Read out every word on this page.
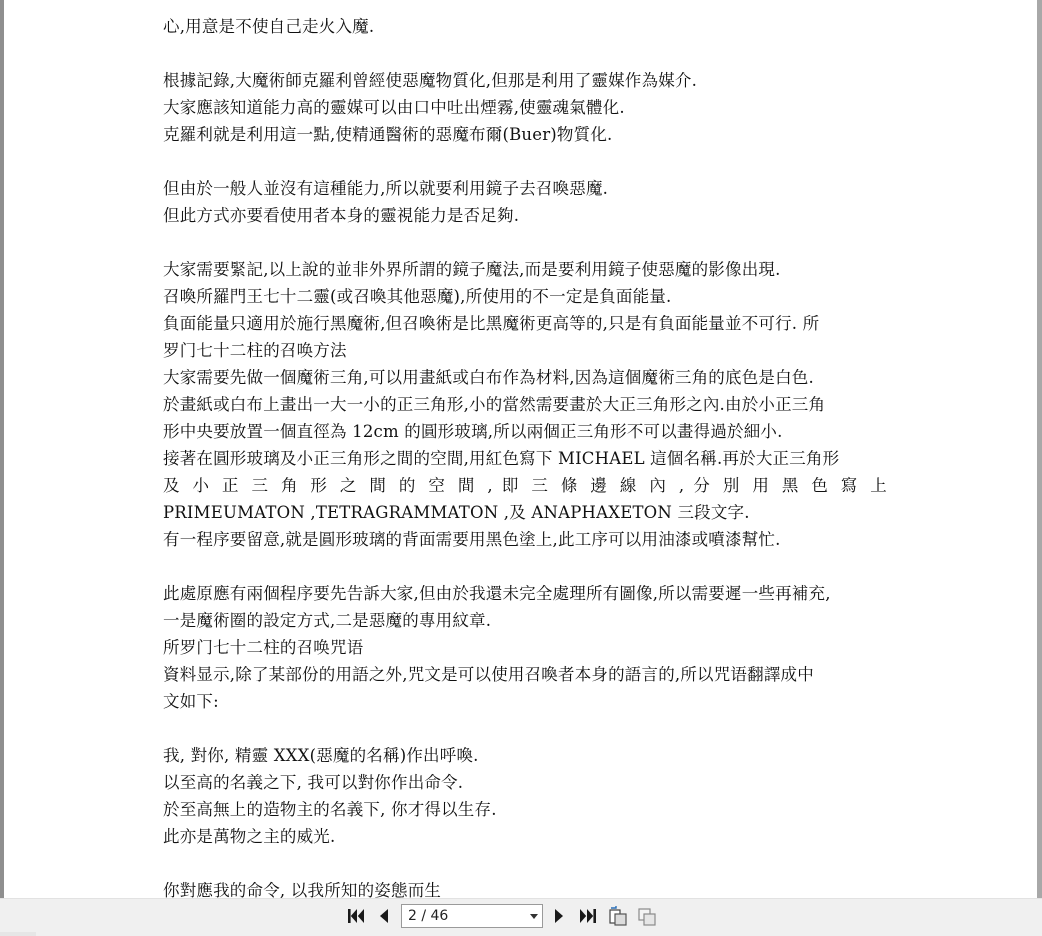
心,用意是不使自己走火入魔.
根據記錄,大魔術師克羅利曾經使惡魔物質化,但那是利用了靈媒作為媒介.
大家應該知道能力高的靈媒可以由口中吐出煙霧,使靈魂氣體化.
克羅利就是利用這一點,使精通醫術的惡魔布爾(Buer)物質化.
但由於一般人並沒有這種能力,所以就要利用鏡子去召喚惡魔.
但此方式亦要看使用者本身的靈視能力是否足夠.
大家需要緊記,以上說的並非外界所謂的鏡子魔法,而是要利用鏡子使惡魔的影像出現.
召喚所羅門王七十二靈(或召喚其他惡魔),所使用的不一定是負面能量.
負面能量只適用於施行黑魔術,但召喚術是比黑魔術更高等的,只是有負面能量並不可行. 所
罗门七十二柱的召唤方法
大家需要先做一個魔術三角,可以用畫紙或白布作為材料,因為這個魔術三角的底色是白色.
於畫紙或白布上畫出一大一小的正三角形,小的當然需要畫於大正三角形之內.由於小正三角
形中央要放置一個直徑為 12cm 的圓形玻璃,所以兩個正三角形不可以畫得過於細小.
接著在圓形玻璃及小正三角形之間的空間,用紅色寫下 MICHAEL 這個名稱.再於大正三角形
及 小 正 三 角 形 之 間 的 空 間 , 即 三 條 邊 線 內 , 分 別 用 黑 色 寫 上
PRIMEUMATON ,TETRAGRAMMATON ,及 ANAPHAXETON 三段文字.
有一程序要留意,就是圓形玻璃的背面需要用黑色塗上,此工序可以用油漆或噴漆幫忙.
此處原應有兩個程序要先告訴大家,但由於我還未完全處理所有圖像,所以需要遲一些再補充,
一是魔術圈的設定方式,二是惡魔的專用紋章.
所罗门七十二柱的召唤咒语
資料显示,除了某部份的用語之外,咒文是可以使用召喚者本身的語言的,所以咒语翻譯成中
文如下:
我, 對你, 精靈 XXX(惡魔的名稱)作出呼喚.
以至高的名義之下, 我可以對你作出命令.
於至高無上的造物主的名義下, 你才得以生存.
此亦是萬物之主的威光.
你對應我的命令, 以我所知的姿態而生
2 / 46
